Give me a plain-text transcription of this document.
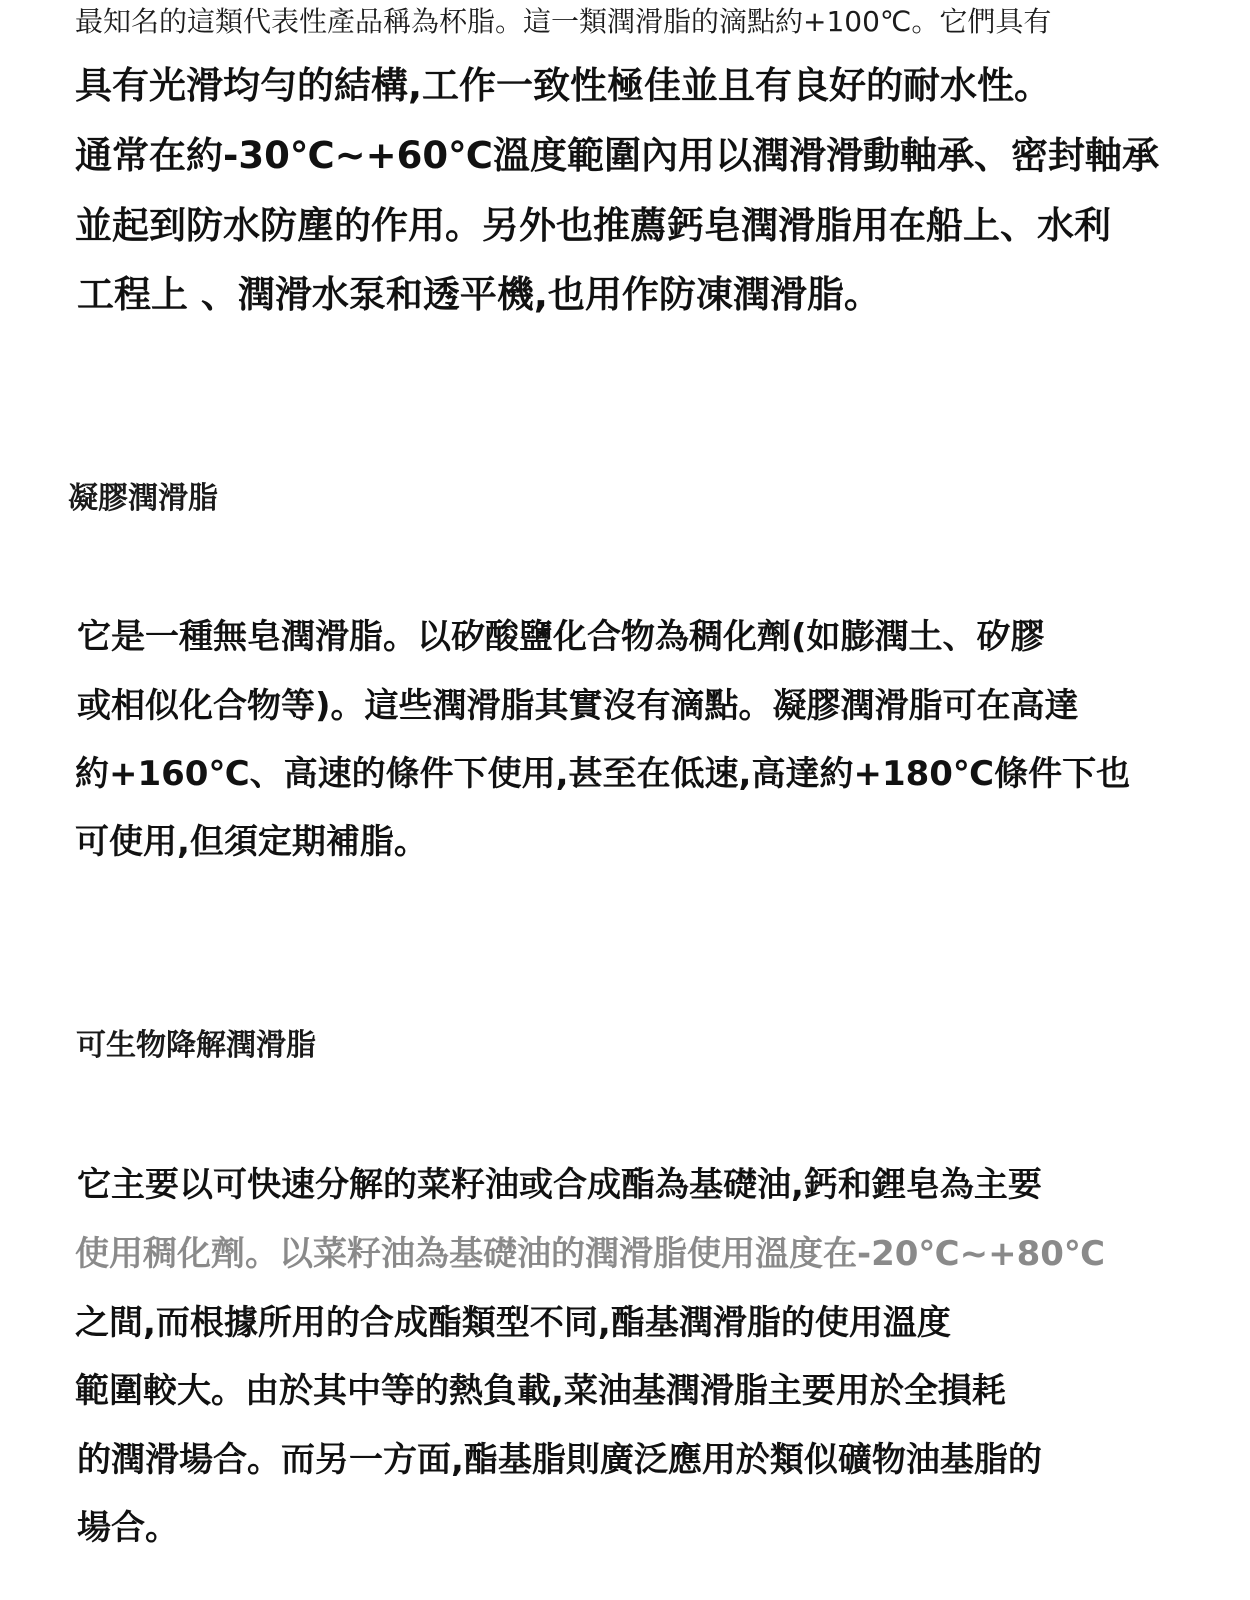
最知名的這類代表性產品稱為杯脂。這一類潤滑脂的滴點約+100℃。它們具有
具有光滑均勻的結構,工作一致性極佳並且有良好的耐水性。
通常在約-30℃~+60℃溫度範圍內用以潤滑滑動軸承、密封軸承
並起到防水防塵的作用。另外也推薦鈣皂潤滑脂用在船上、水利
工程上 、潤滑水泵和透平機,也用作防凍潤滑脂。
凝膠潤滑脂
它是一種無皂潤滑脂。以矽酸鹽化合物為稠化劑(如膨潤土、矽膠
或相似化合物等)。這些潤滑脂其實沒有滴點。凝膠潤滑脂可在高達
約+160℃、高速的條件下使用,甚至在低速,高達約+180℃條件下也
可使用,但須定期補脂。
可生物降解潤滑脂
它主要以可快速分解的菜籽油或合成酯為基礎油,鈣和鋰皂為主要
使用稠化劑。以菜籽油為基礎油的潤滑脂使用溫度在-20℃~+80℃
之間,而根據所用的合成酯類型不同,酯基潤滑脂的使用溫度
範圍較大。由於其中等的熱負載,菜油基潤滑脂主要用於全損耗
的潤滑場合。而另一方面,酯基脂則廣泛應用於類似礦物油基脂的
場合。
